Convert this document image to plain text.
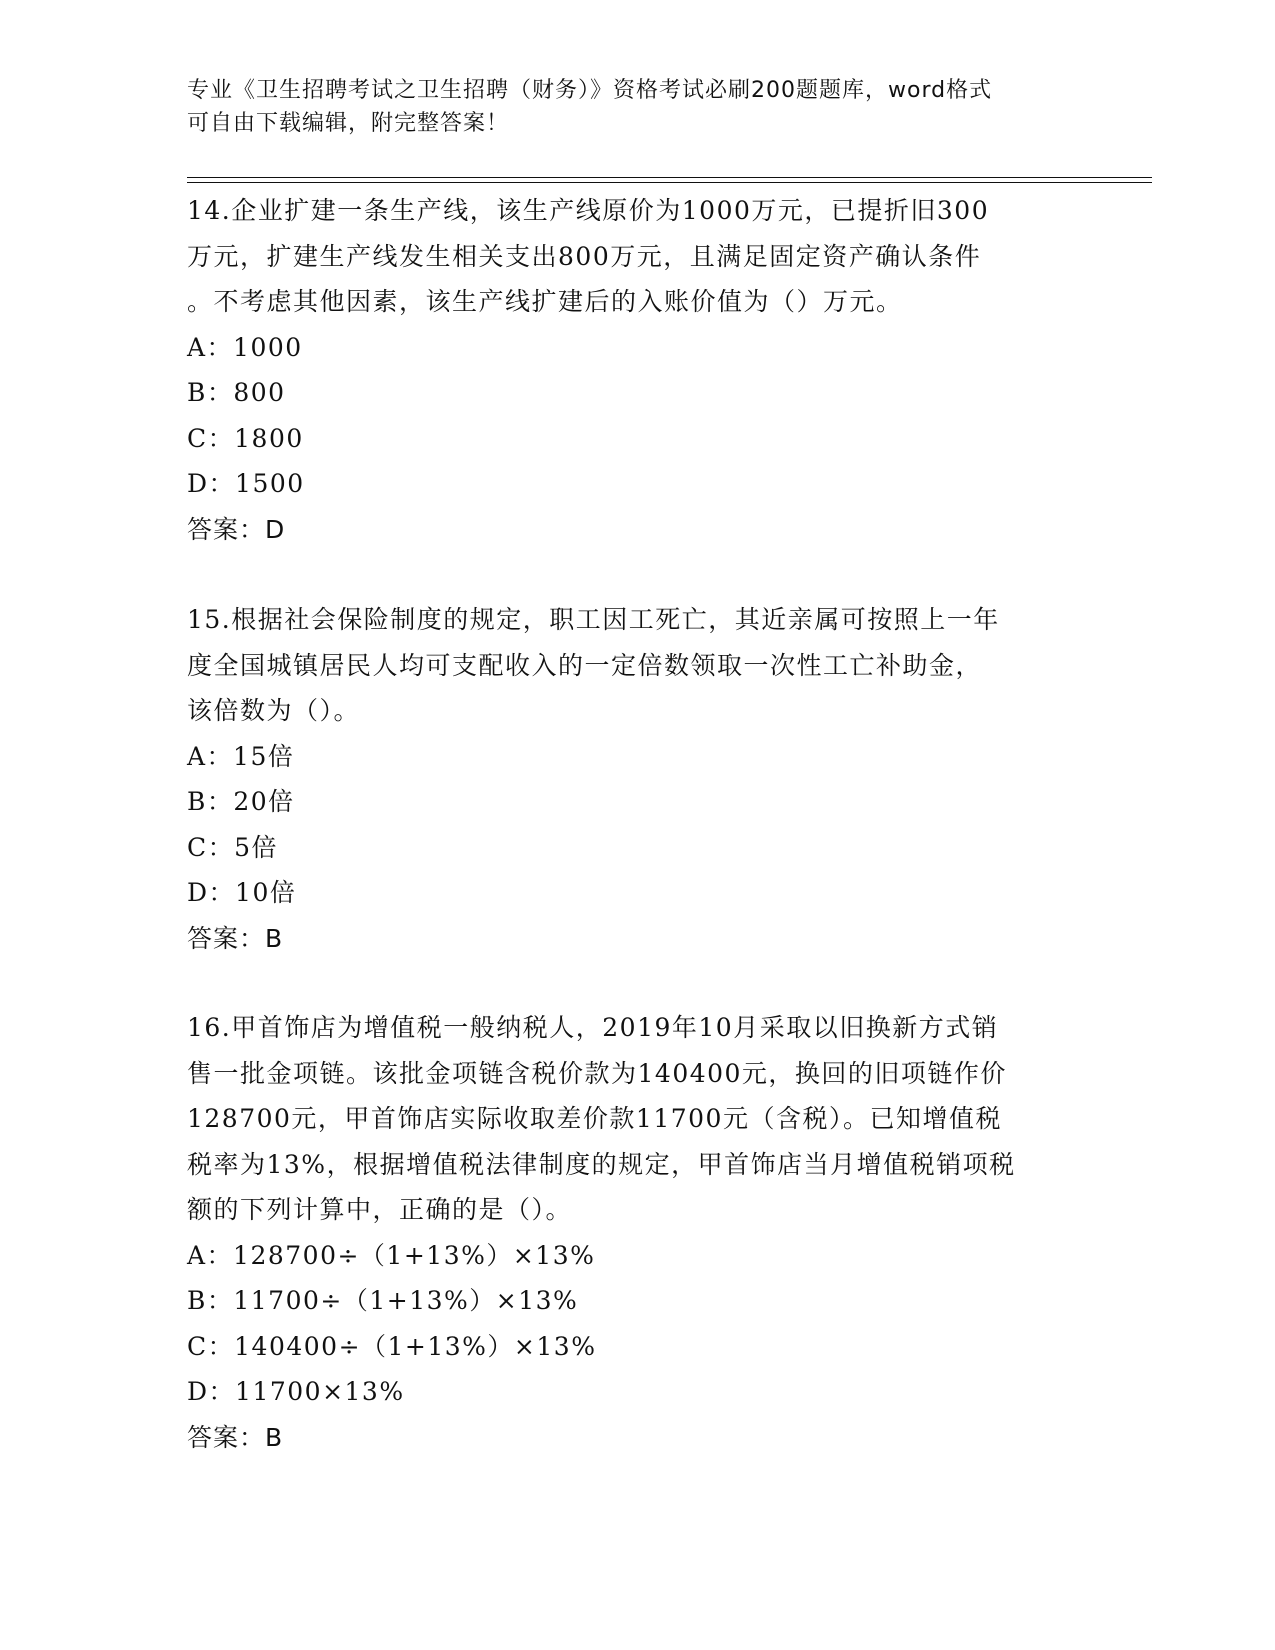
专业《卫生招聘考试之卫生招聘（财务）》资格考试必刷200题题库，word格式
可自由下载编辑，附完整答案！
14.企业扩建一条生产线，该生产线原价为1000万元，已提折旧300
万元，扩建生产线发生相关支出800万元，且满足固定资产确认条件
。不考虑其他因素，该生产线扩建后的入账价值为（）万元。
A：1000
B：800
C：1800
D：1500
答案：D
15.根据社会保险制度的规定，职工因工死亡，其近亲属可按照上一年
度全国城镇居民人均可支配收入的一定倍数领取一次性工亡补助金，
该倍数为（）。
A：15倍
B：20倍
C：5倍
D：10倍
答案：B
16.甲首饰店为增值税一般纳税人，2019年10月采取以旧换新方式销
售一批金项链。该批金项链含税价款为140400元，换回的旧项链作价
128700元，甲首饰店实际收取差价款11700元（含税）。已知增值税
税率为13%，根据增值税法律制度的规定，甲首饰店当月增值税销项税
额的下列计算中，正确的是（）。
A：128700÷（1+13%）×13%
B：11700÷（1+13%）×13%
C：140400÷（1+13%）×13%
D：11700×13%
答案：B
